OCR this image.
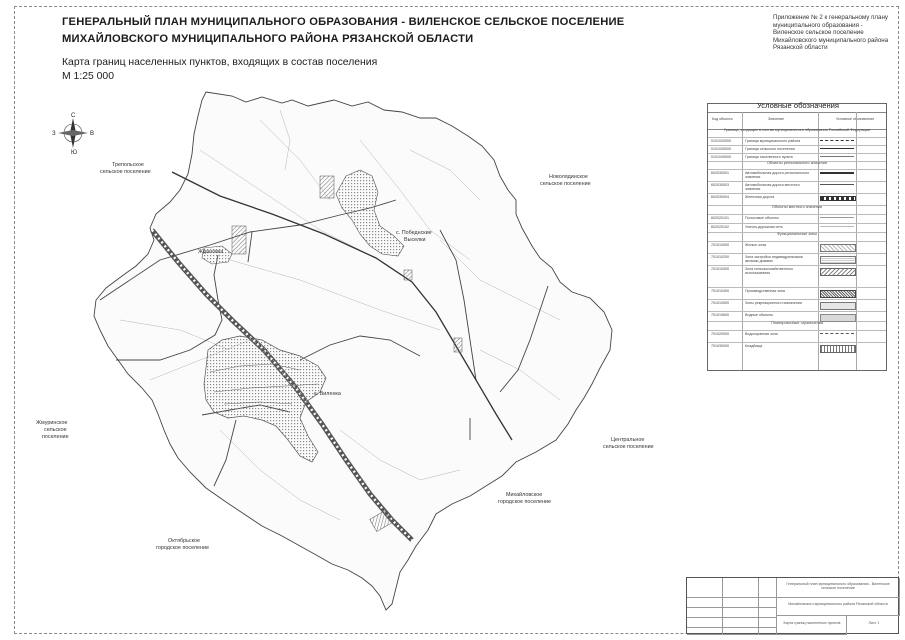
ГЕНЕРАЛЬНЫЙ ПЛАН МУНИЦИПАЛЬНОГО ОБРАЗОВАНИЯ - ВИЛЕНСКОЕ СЕЛЬСКОЕ ПОСЕЛЕНИЕ
МИХАЙЛОВСКОГО МУНИЦИПАЛЬНОГО РАЙОНА РЯЗАНСКОЙ ОБЛАСТИ
Карта границ населенных пунктов, входящих в состав поселения
М 1:25 000
Приложение № 2 к генеральному плану
муниципального образования -
Виленское сельское поселение
Михайловского муниципального района
Рязанской области
С
Ю
З	В
Трепольское
сельское поселение
Новолядинское
сельское поселение
с. Победнские
Выселки
Ждановка
с. Виленка
Жмуринское
сельское
поселение	Центральное
сельское поселение
Михайловское
городское поселение
Октябрьское
городское поселение
Условные обозначения
Код объекта	Значение	Условное обозначение
Граница, входящих в состав муниципального образования Российской Федерации
0101020000	Граница муниципального района
0101030000	Граница сельского поселения
0101040000	Граница населенного пункта
Объекты регионального значения
602030001	Автомобильная дорога регионального значения
602030003	Автомобильная дорога местного значения
602030004	Железная дорога
Объекты местного значения
602020101	Полосовые объекты
602020102	Улично-дорожная сеть
Функциональные зоны
701010000	Жилые зоны
701010200	Зона застройки индивидуальными жилыми домами
701010300	Зона сельскохозяйственного использования
701010400	Производственная зона
701010500	Зоны рекреационного назначения
701010600	Водные объекты
Планировочные ограничения
701020000	Водоохранная зона
701030000	Кладбища
Генеральный план муниципального образования - Виленское сельское поселение
Михайловского муниципального района Рязанской области
Карта границ населенных пунктов	Лист 1
